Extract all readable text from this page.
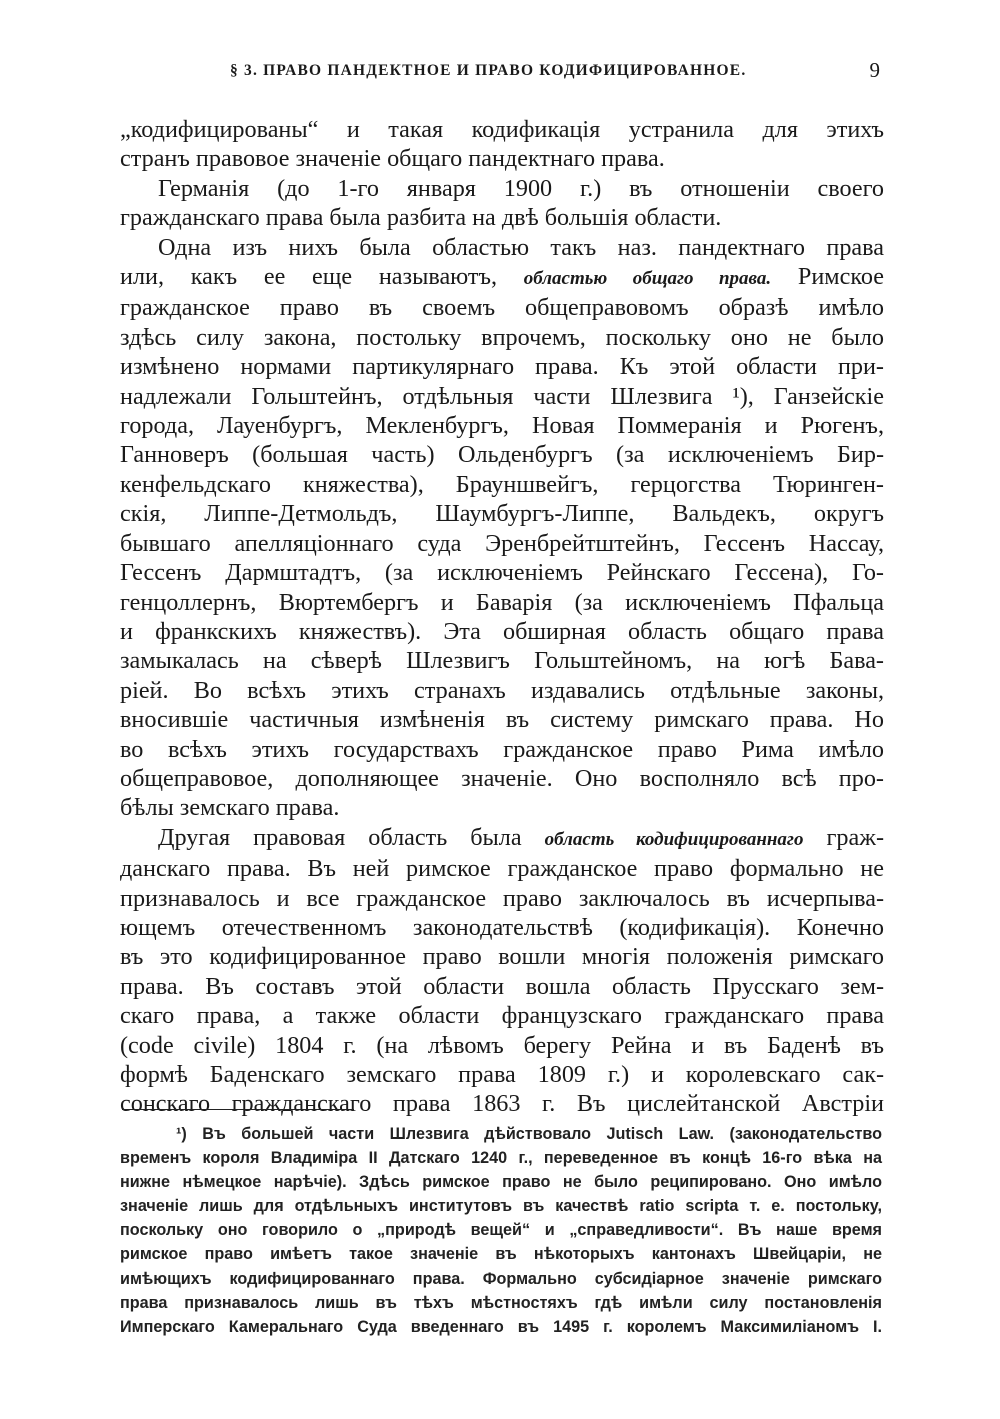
§ 3. ПРАВО ПАНДЕКТНОЕ И ПРАВО КОДИФИЦИРОВАННОЕ.	9
„кодифицированы“ и такая кодификація устранила для этихъ
странъ правовое значеніе общаго пандектнаго права.
Германія (до 1-го января 1900 г.) въ отношеніи своего
гражданскаго права была разбита на двѣ большія области.
Одна изъ нихъ была областью такъ наз. пандектнаго права
или, какъ ее еще называютъ, областью общаго права. Римское
гражданское право въ своемъ общеправовомъ образѣ имѣло
здѣсь силу закона, постольку впрочемъ, поскольку оно не было
измѣнено нормами партикулярнаго права. Къ этой области при-
надлежали Гольштейнъ, отдѣльныя части Шлезвига ¹), Ганзейскіе
города, Лауенбургъ, Мекленбургъ, Новая Поммеранія и Рюгенъ,
Ганноверъ (большая часть) Ольденбургъ (за исключеніемъ Бир-
кенфельдскаго княжества), Брауншвейгъ, герцогства Тюринген-
скія, Липпе-Детмольдъ, Шаумбургъ-Липпе, Вальдекъ, округъ
бывшаго апелляціоннаго суда Эренбрейтштейнъ, Гессенъ Нассау,
Гессенъ Дармштадтъ, (за исключеніемъ Рейнскаго Гессена), Го-
генцоллернъ, Вюртембергъ и Баварія (за исключеніемъ Пфальца
и франкскихъ княжествъ). Эта обширная область общаго права
замыкалась на сѣверѣ Шлезвигъ Гольштейномъ, на югѣ Бава-
ріей. Во всѣхъ этихъ странахъ издавались отдѣльные законы,
вносившіе частичныя измѣненія въ систему римскаго права. Но
во всѣхъ этихъ государствахъ гражданское право Рима имѣло
общеправовое, дополняющее значеніе. Оно восполняло всѣ про-
бѣлы земскаго права.
Другая правовая область была область кодифицированнаго граж-
данскаго права. Въ ней римское гражданское право формально не
признавалось и все гражданское право заключалось въ исчерпыва-
ющемъ отечественномъ законодательствѣ (кодификація). Конечно
въ это кодифицированное право вошли многія положенія римскаго
права. Въ составъ этой области вошла область Прусскаго зем-
скаго права, а также области французскаго гражданскаго права
(code civile) 1804 г. (на лѣвомъ берегу Рейна и въ Баденѣ въ
формѣ Баденскаго земскаго права 1809 г.) и королевскаго сак-
сонскаго гражданскаго права 1863 г. Въ цислейтанской Австріи
¹) Въ большей части Шлезвига дѣйствовало Jutisch Law. (законодательство
временъ короля Владиміра II Датскаго 1240 г., переведенное въ концѣ 16-го вѣка на
нижне нѣмецкое нарѣчіе). Здѣсь римское право не было реципировано. Оно имѣло
значеніе лишь для отдѣльныхъ институтовъ въ качествѣ ratio scripta т. е. постольку,
поскольку оно говорило о „природѣ вещей“ и „справедливости“. Въ наше время
римское право имѣетъ такое значеніе въ нѣкоторыхъ кантонахъ Швейцаріи, не
имѣющихъ кодифицированнаго права. Формально субсидіарное значеніе римскаго
права признавалось лишь въ тѣхъ мѣстностяхъ гдѣ имѣли силу постановленія
Имперскаго Камеральнаго Суда введеннаго въ 1495 г. королемъ Максимиліаномъ I.
